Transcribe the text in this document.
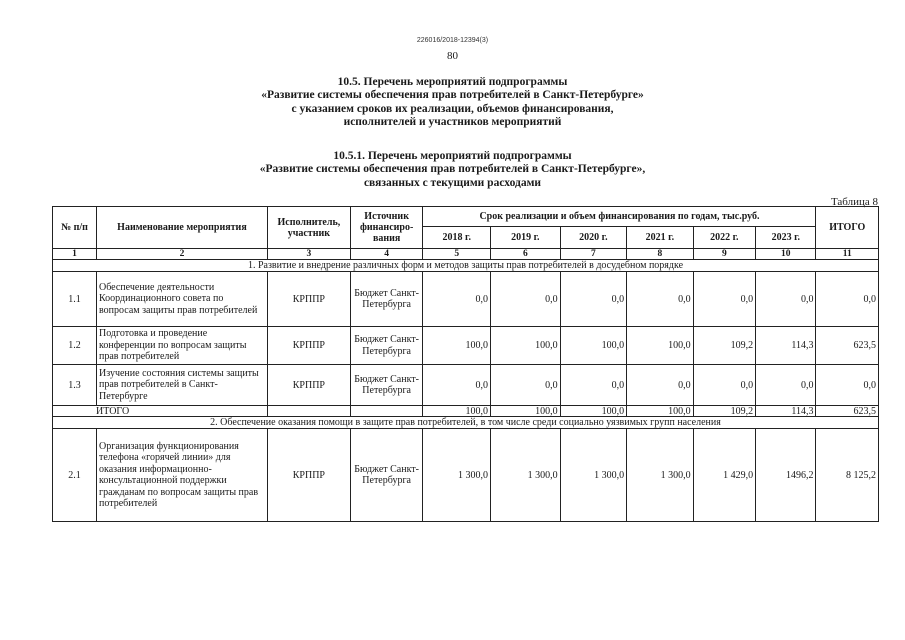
226016/2018-12394(3)
80
10.5. Перечень мероприятий подпрограммы
«Развитие системы обеспечения прав потребителей в Санкт-Петербурге»
с указанием сроков их реализации, объемов финансирования,
исполнителей и участников мероприятий
10.5.1. Перечень мероприятий подпрограммы
«Развитие системы обеспечения прав потребителей в Санкт-Петербурге»,
связанных с текущими расходами
Таблица 8
№ п/п	Наименование мероприятия	Исполнитель, участник	Источник финансиро-вания	Срок реализации и объем финансирования по годам, тыс.руб.						ИТОГО
				2018 г.	2019 г.	2020 г.	2021 г.	2022 г.	2023 г.	
1	2	3	4	5	6	7	8	9	10	11
1. Развитие и внедрение различных форм и методов защиты прав потребителей в досудебном порядке										
1.1	Обеспечение деятельности Координационного совета по вопросам защиты прав потребителей	КРППР	Бюджет Санкт-Петербурга	0,0	0,0	0,0	0,0	0,0	0,0	0,0
1.2	Подготовка и проведение конференции по вопросам защиты прав потребителей	КРППР	Бюджет Санкт-Петербурга	100,0	100,0	100,0	100,0	109,2	114,3	623,5
1.3	Изучение состояния системы защиты прав потребителей в Санкт-Петербурге	КРППР	Бюджет Санкт-Петербурга	0,0	0,0	0,0	0,0	0,0	0,0	0,0
ИТОГО				100,0	100,0	100,0	100,0	109,2	114,3	623,5
2. Обеспечение оказания помощи в защите прав потребителей, в том числе среди социально уязвимых групп населения										
2.1	Организация функционирования телефона «горячей линии» для оказания информационно-консультационной поддержки гражданам по вопросам защиты прав потребителей	КРППР	Бюджет Санкт-Петербурга	1 300,0	1 300,0	1 300,0	1 300,0	1 429,0	1496,2	8 125,2
